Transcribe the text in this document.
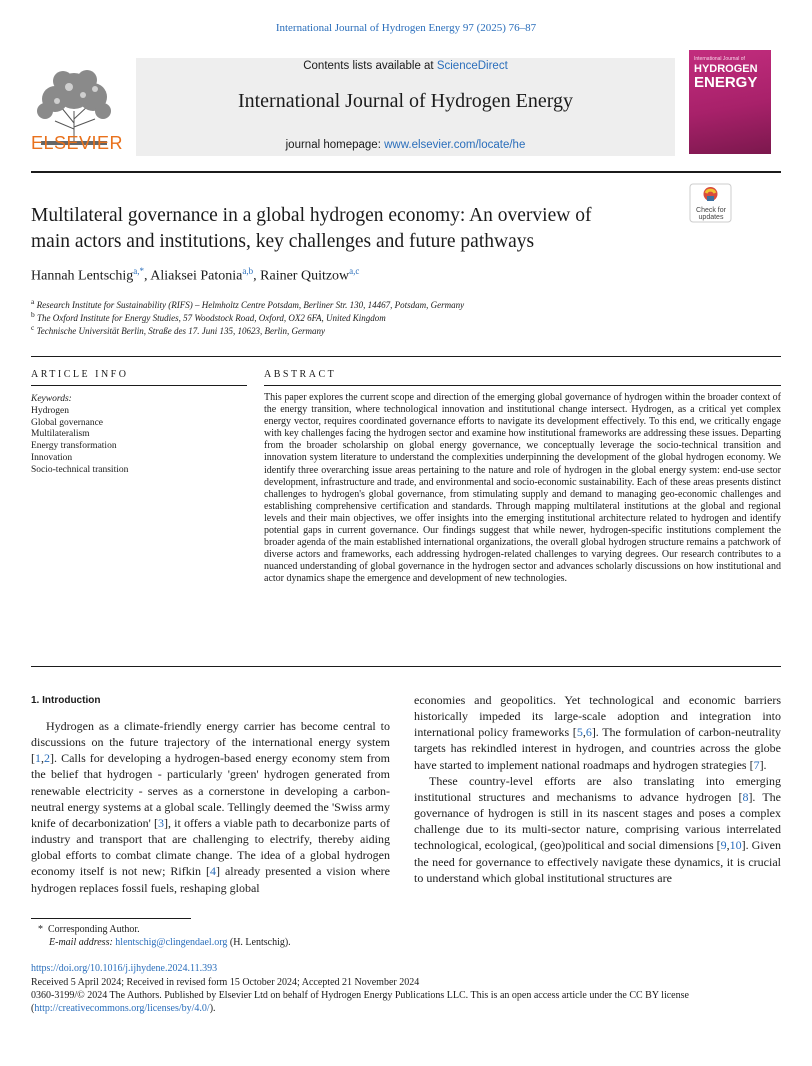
International Journal of Hydrogen Energy 97 (2025) 76–87
ELSEVIER
Contents lists available at ScienceDirect
International Journal of Hydrogen Energy
journal homepage: www.elsevier.com/locate/he
International Journal of
HYDROGEN
ENERGY
Check for
updates
Multilateral governance in a global hydrogen economy: An overview of
main actors and institutions, key challenges and future pathways
Hannah Lentschig$^{a,*}$, Aliaksei Patonia$^{a,b}$, Rainer Quitzow$^{a,c}$
$^a$ Research Institute for Sustainability (RIFS) – Helmholtz Centre Potsdam, Berliner Str. 130, 14467, Potsdam, Germany
$^b$ The Oxford Institute for Energy Studies, 57 Woodstock Road, Oxford, OX2 6FA, United Kingdom
$^c$ Technische Universität Berlin, Straße des 17. Juni 135, 10623, Berlin, Germany
ARTICLE INFO
Keywords:
Hydrogen
Global governance
Multilateralism
Energy transformation
Innovation
Socio-technical transition
ABSTRACT
This paper explores the current scope and direction of the emerging global governance of hydrogen within the broader context of the energy transition, where technological innovation and institutional change intersect. Hydrogen, as a critical yet complex energy vector, requires coordinated governance efforts to navigate its development effectively. To this end, we critically engage with key challenges facing the hydrogen sector and examine how institutional frameworks are addressing these issues. Departing from the broader scholarship on global energy governance, we conceptually leverage the socio-technical transition and innovation system literature to understand the complexities underpinning the development of the global hydrogen economy. We identify three overarching issue areas pertaining to the nature and role of hydrogen in the global energy system: end-use sector development, infrastructure and trade, and environmental and socio-economic sustainability. Each of these areas presents distinct challenges to hydrogen's global governance, from stimulating supply and demand to managing geo-economic challenges and establishing comprehensive certification and standards. Through mapping multilateral institutions at the global and regional levels and their main objectives, we offer insights into the emerging institutional architecture related to hydrogen and identify potential gaps in current governance. Our findings suggest that while newer, hydrogen-specific institutions complement the broader agenda of the main established international organizations, the overall global hydrogen structure remains a patchwork of diverse actors and frameworks, each addressing hydrogen-related challenges to varying degrees. Our research contributes to a nuanced understanding of global governance in the hydrogen sector and advances scholarly discussions on how institutional and actor dynamics shape the emergence and development of new technologies.
1. Introduction
Hydrogen as a climate-friendly energy carrier has become central to discussions on the future trajectory of the international energy system [1,2]. Calls for developing a hydrogen-based energy economy stem from the belief that hydrogen - particularly 'green' hydrogen generated from renewable electricity - serves as a cornerstone in developing a carbon-neutral energy systems at a global scale. Tellingly deemed the 'Swiss army knife of decarbonization' [3], it offers a viable path to decarbonize parts of industry and transport that are challenging to electrify, thereby aiding global efforts to combat climate change. The idea of a global hydrogen economy itself is not new; Rifkin [4] already presented a vision where hydrogen replaces fossil fuels, reshaping global

economies and geopolitics. Yet technological and economic barriers historically impeded its large-scale adoption and integration into international policy frameworks [5,6]. The formulation of carbon-neutrality targets has rekindled interest in hydrogen, and countries across the globe have started to implement national roadmaps and hydrogen strategies [7].

These country-level efforts are also translating into emerging institutional structures and mechanisms to advance hydrogen [8]. The governance of hydrogen is still in its nascent stages and poses a complex challenge due to its multi-sector nature, comprising various interrelated technological, ecological, (geo)political and social dimensions [9,10]. Given the need for governance to effectively navigate these dynamics, it is crucial to understand which global institutional structures are

*  Corresponding Author.
E-mail address: hlentschig@clingendael.org (H. Lentschig).
https://doi.org/10.1016/j.ijhydene.2024.11.393
Received 5 April 2024; Received in revised form 15 October 2024; Accepted 21 November 2024
0360-3199/© 2024 The Authors. Published by Elsevier Ltd on behalf of Hydrogen Energy Publications LLC. This is an open access article under the CC BY license (http://creativecommons.org/licenses/by/4.0/).
